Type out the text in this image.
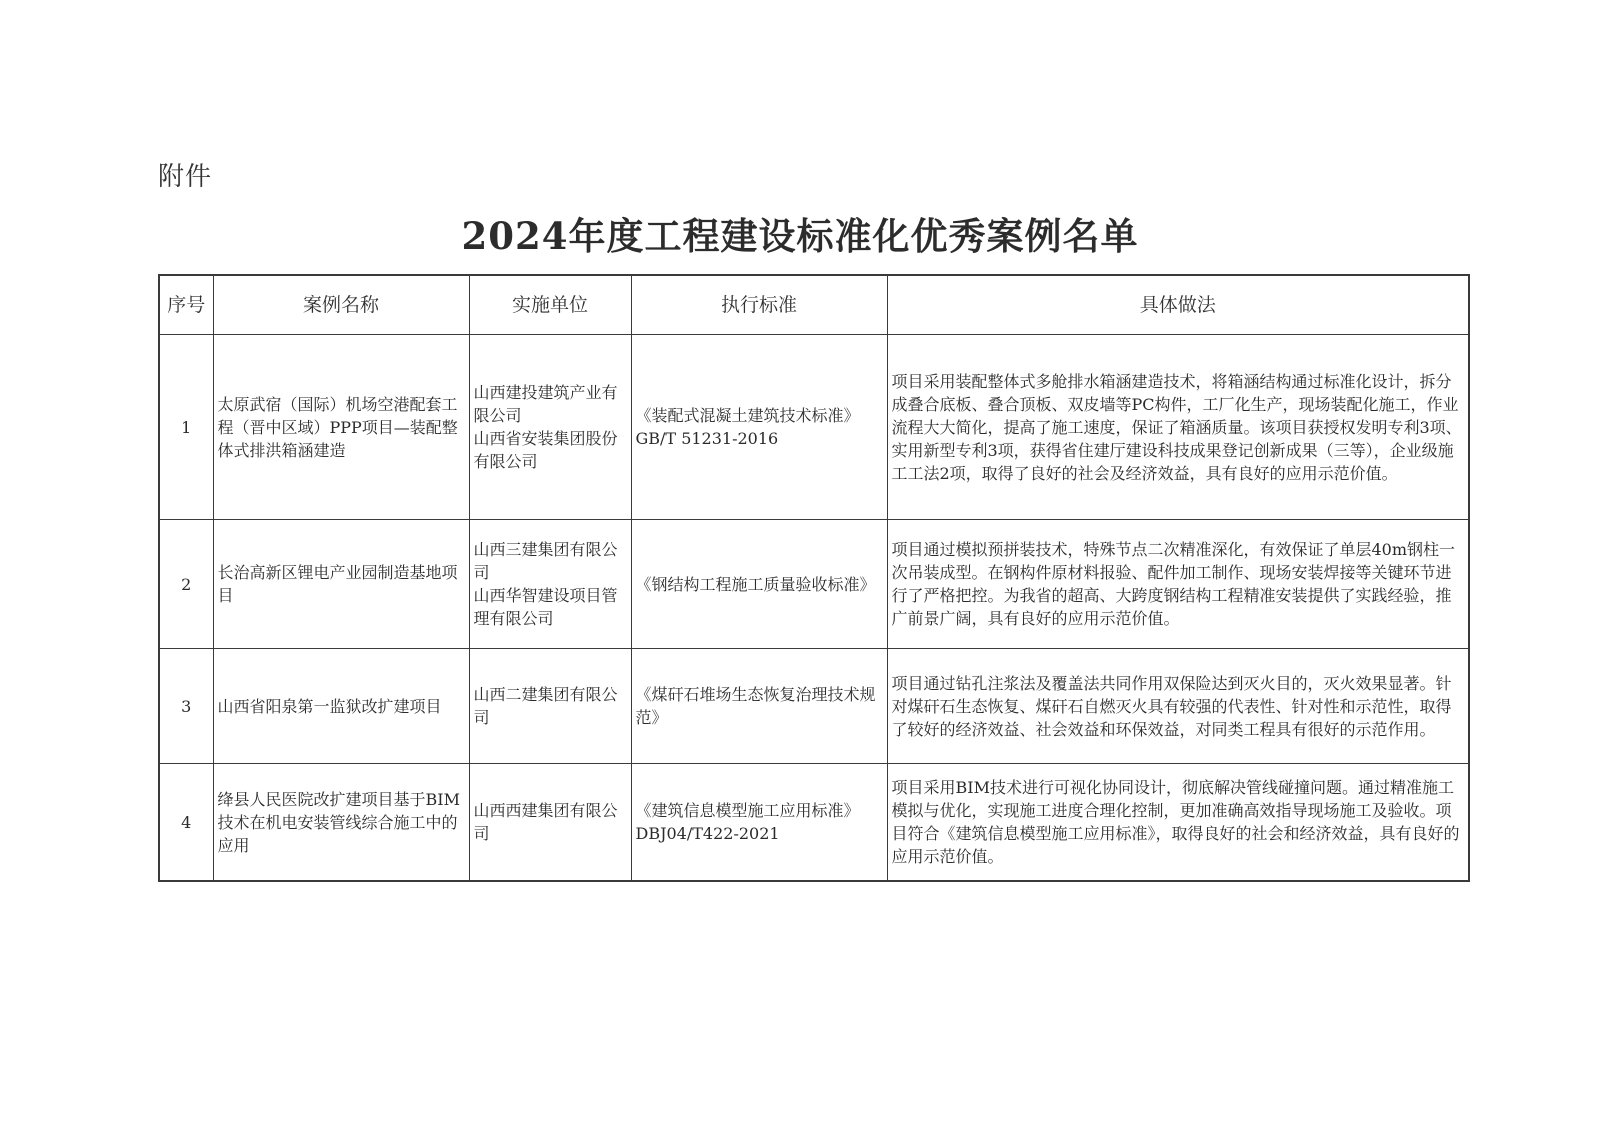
附件
2024年度工程建设标准化优秀案例名单
序号	案例名称	实施单位	执行标准	具体做法
1	太原武宿（国际）机场空港配套工程（晋中区域）PPP项目—装配整体式排洪箱涵建造	山西建投建筑产业有限公司
山西省安装集团股份有限公司	《装配式混凝土建筑技术标准》
GB/T 51231-2016	项目采用装配整体式多舱排水箱涵建造技术，将箱涵结构通过标准化设计，拆分成叠合底板、叠合顶板、双皮墙等PC构件，工厂化生产，现场装配化施工，作业流程大大简化，提高了施工速度，保证了箱涵质量。该项目获授权发明专利3项、实用新型专利3项，获得省住建厅建设科技成果登记创新成果（三等），企业级施工工法2项，取得了良好的社会及经济效益，具有良好的应用示范价值。
2	长治高新区锂电产业园制造基地项目	山西三建集团有限公司
山西华智建设项目管理有限公司	《钢结构工程施工质量验收标准》	项目通过模拟预拼装技术，特殊节点二次精准深化，有效保证了单层40m钢柱一次吊装成型。在钢构件原材料报验、配件加工制作、现场安装焊接等关键环节进行了严格把控。为我省的超高、大跨度钢结构工程精准安装提供了实践经验，推广前景广阔，具有良好的应用示范价值。
3	山西省阳泉第一监狱改扩建项目	山西二建集团有限公司	《煤矸石堆场生态恢复治理技术规范》	项目通过钻孔注浆法及覆盖法共同作用双保险达到灭火目的，灭火效果显著。针对煤矸石生态恢复、煤矸石自燃灭火具有较强的代表性、针对性和示范性，取得了较好的经济效益、社会效益和环保效益，对同类工程具有很好的示范作用。
4	绛县人民医院改扩建项目基于BIM技术在机电安装管线综合施工中的应用	山西西建集团有限公司	《建筑信息模型施工应用标准》
DBJ04/T422-2021	项目采用BIM技术进行可视化协同设计，彻底解决管线碰撞问题。通过精准施工模拟与优化，实现施工进度合理化控制，更加准确高效指导现场施工及验收。项目符合《建筑信息模型施工应用标准》，取得良好的社会和经济效益，具有良好的应用示范价值。
